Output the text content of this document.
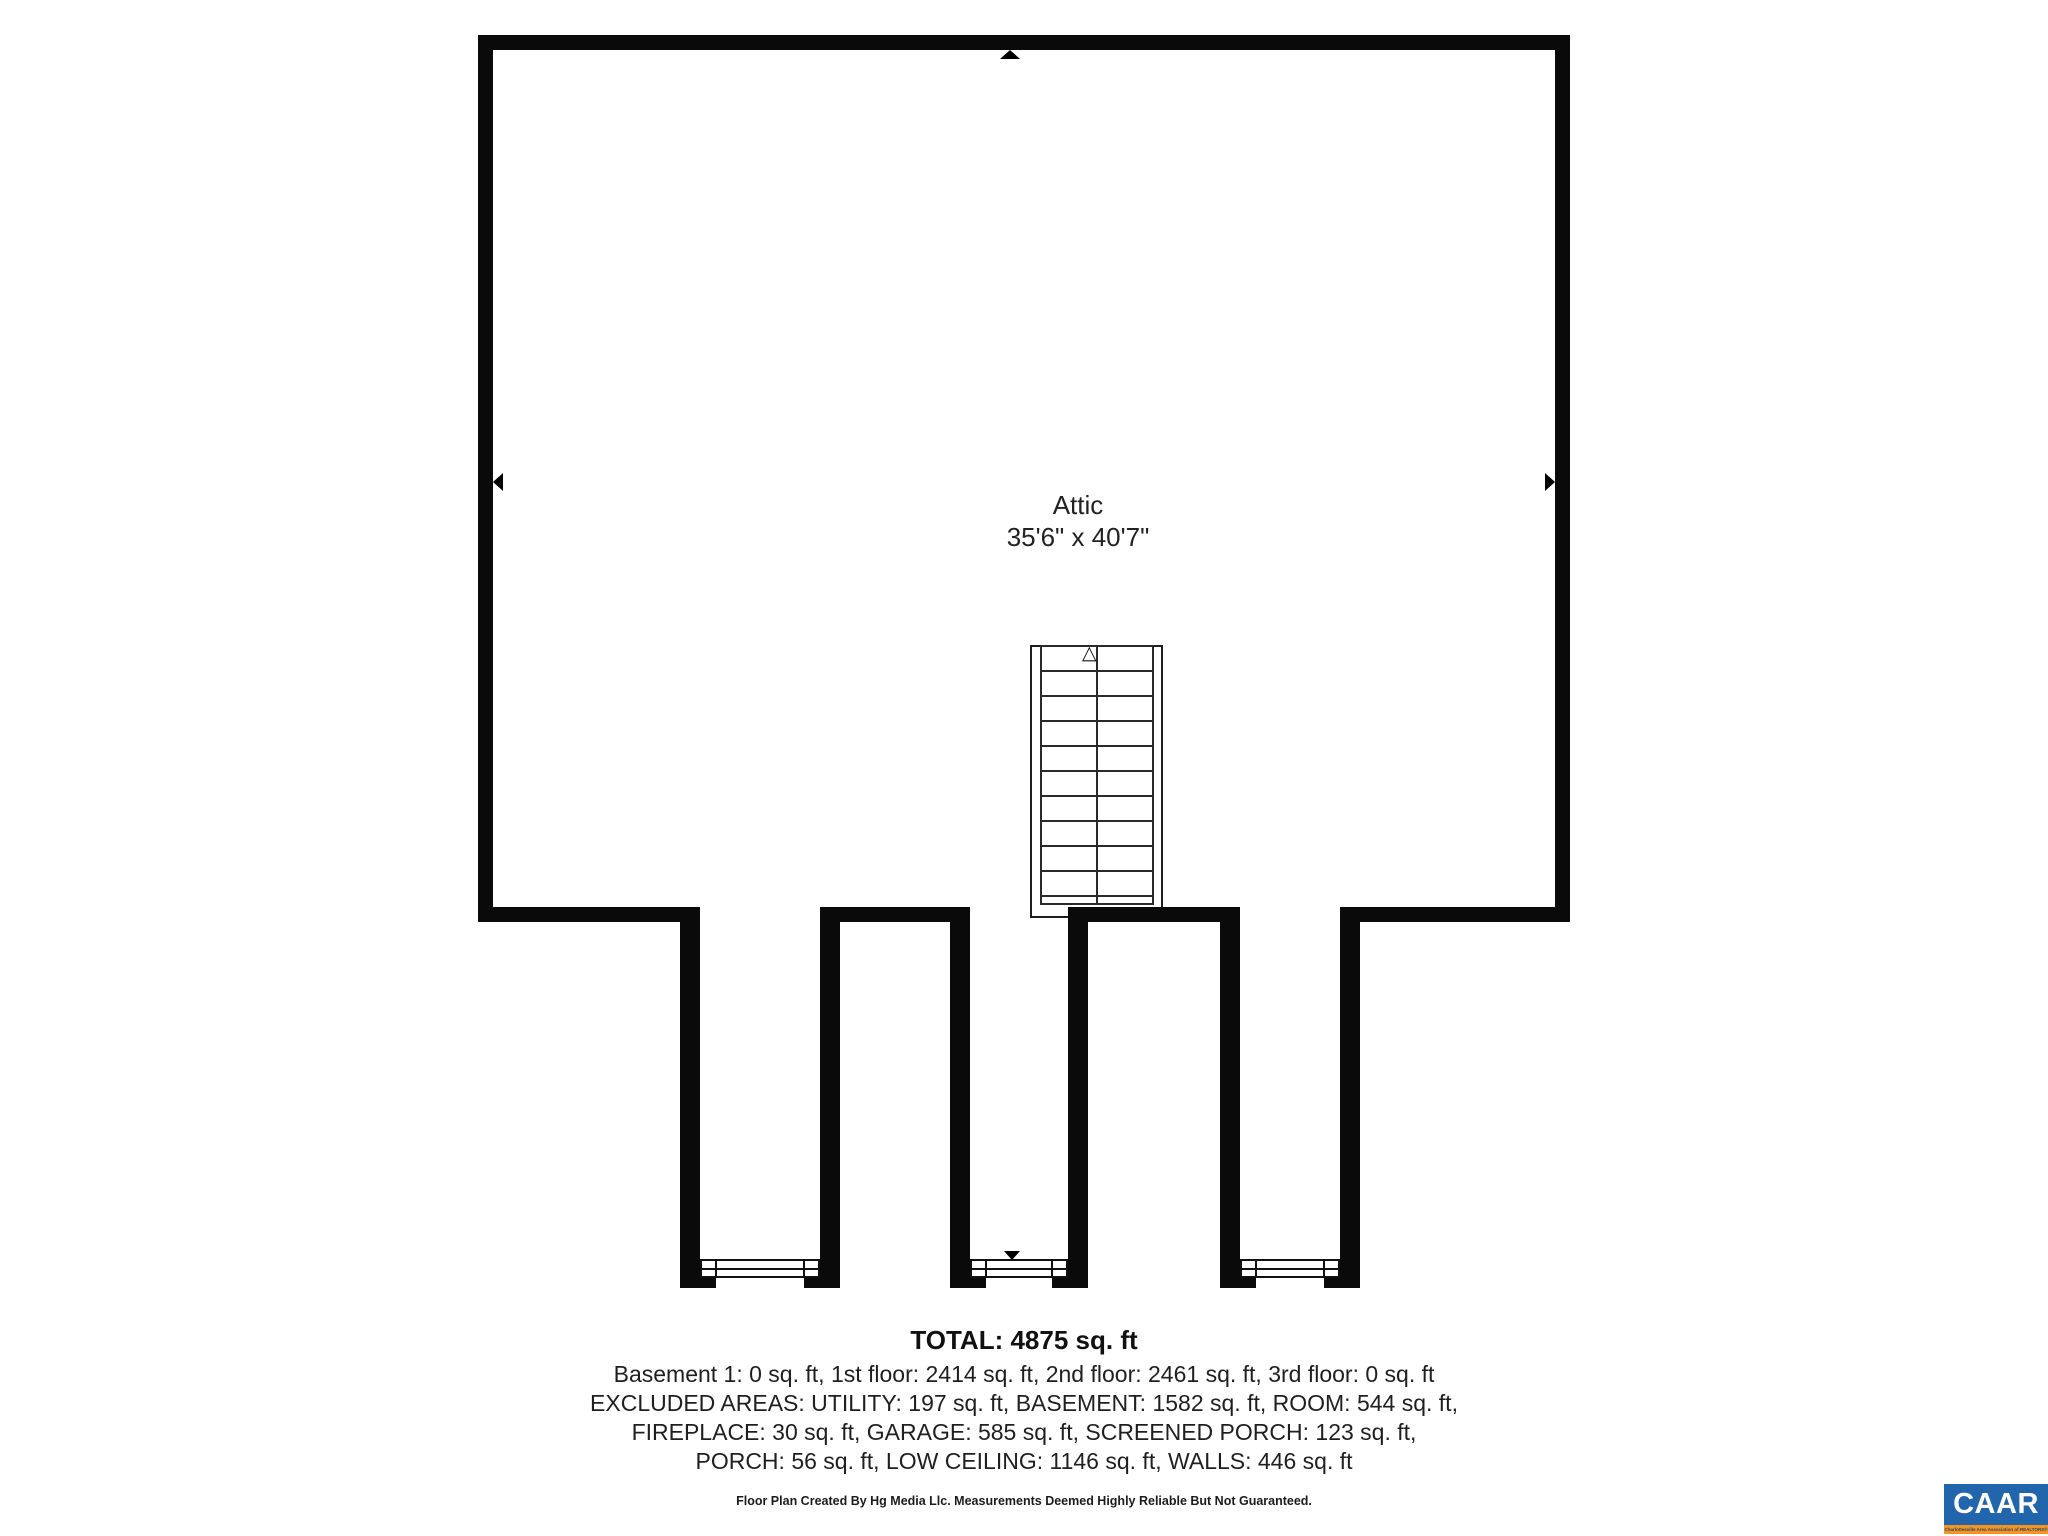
△
Attic
35'6" x 40'7"
TOTAL: 4875 sq. ft
Basement 1: 0 sq. ft, 1st floor: 2414 sq. ft, 2nd floor: 2461 sq. ft, 3rd floor: 0 sq. ft
EXCLUDED AREAS: UTILITY: 197 sq. ft, BASEMENT: 1582 sq. ft, ROOM: 544 sq. ft,
FIREPLACE: 30 sq. ft, GARAGE: 585 sq. ft, SCREENED PORCH: 123 sq. ft,
PORCH: 56 sq. ft, LOW CEILING: 1146 sq. ft, WALLS: 446 sq. ft
Floor Plan Created By Hg Media Llc. Measurements Deemed Highly Reliable But Not Guaranteed.	CAAR
Charlottesville Area Association of REALTORS®
